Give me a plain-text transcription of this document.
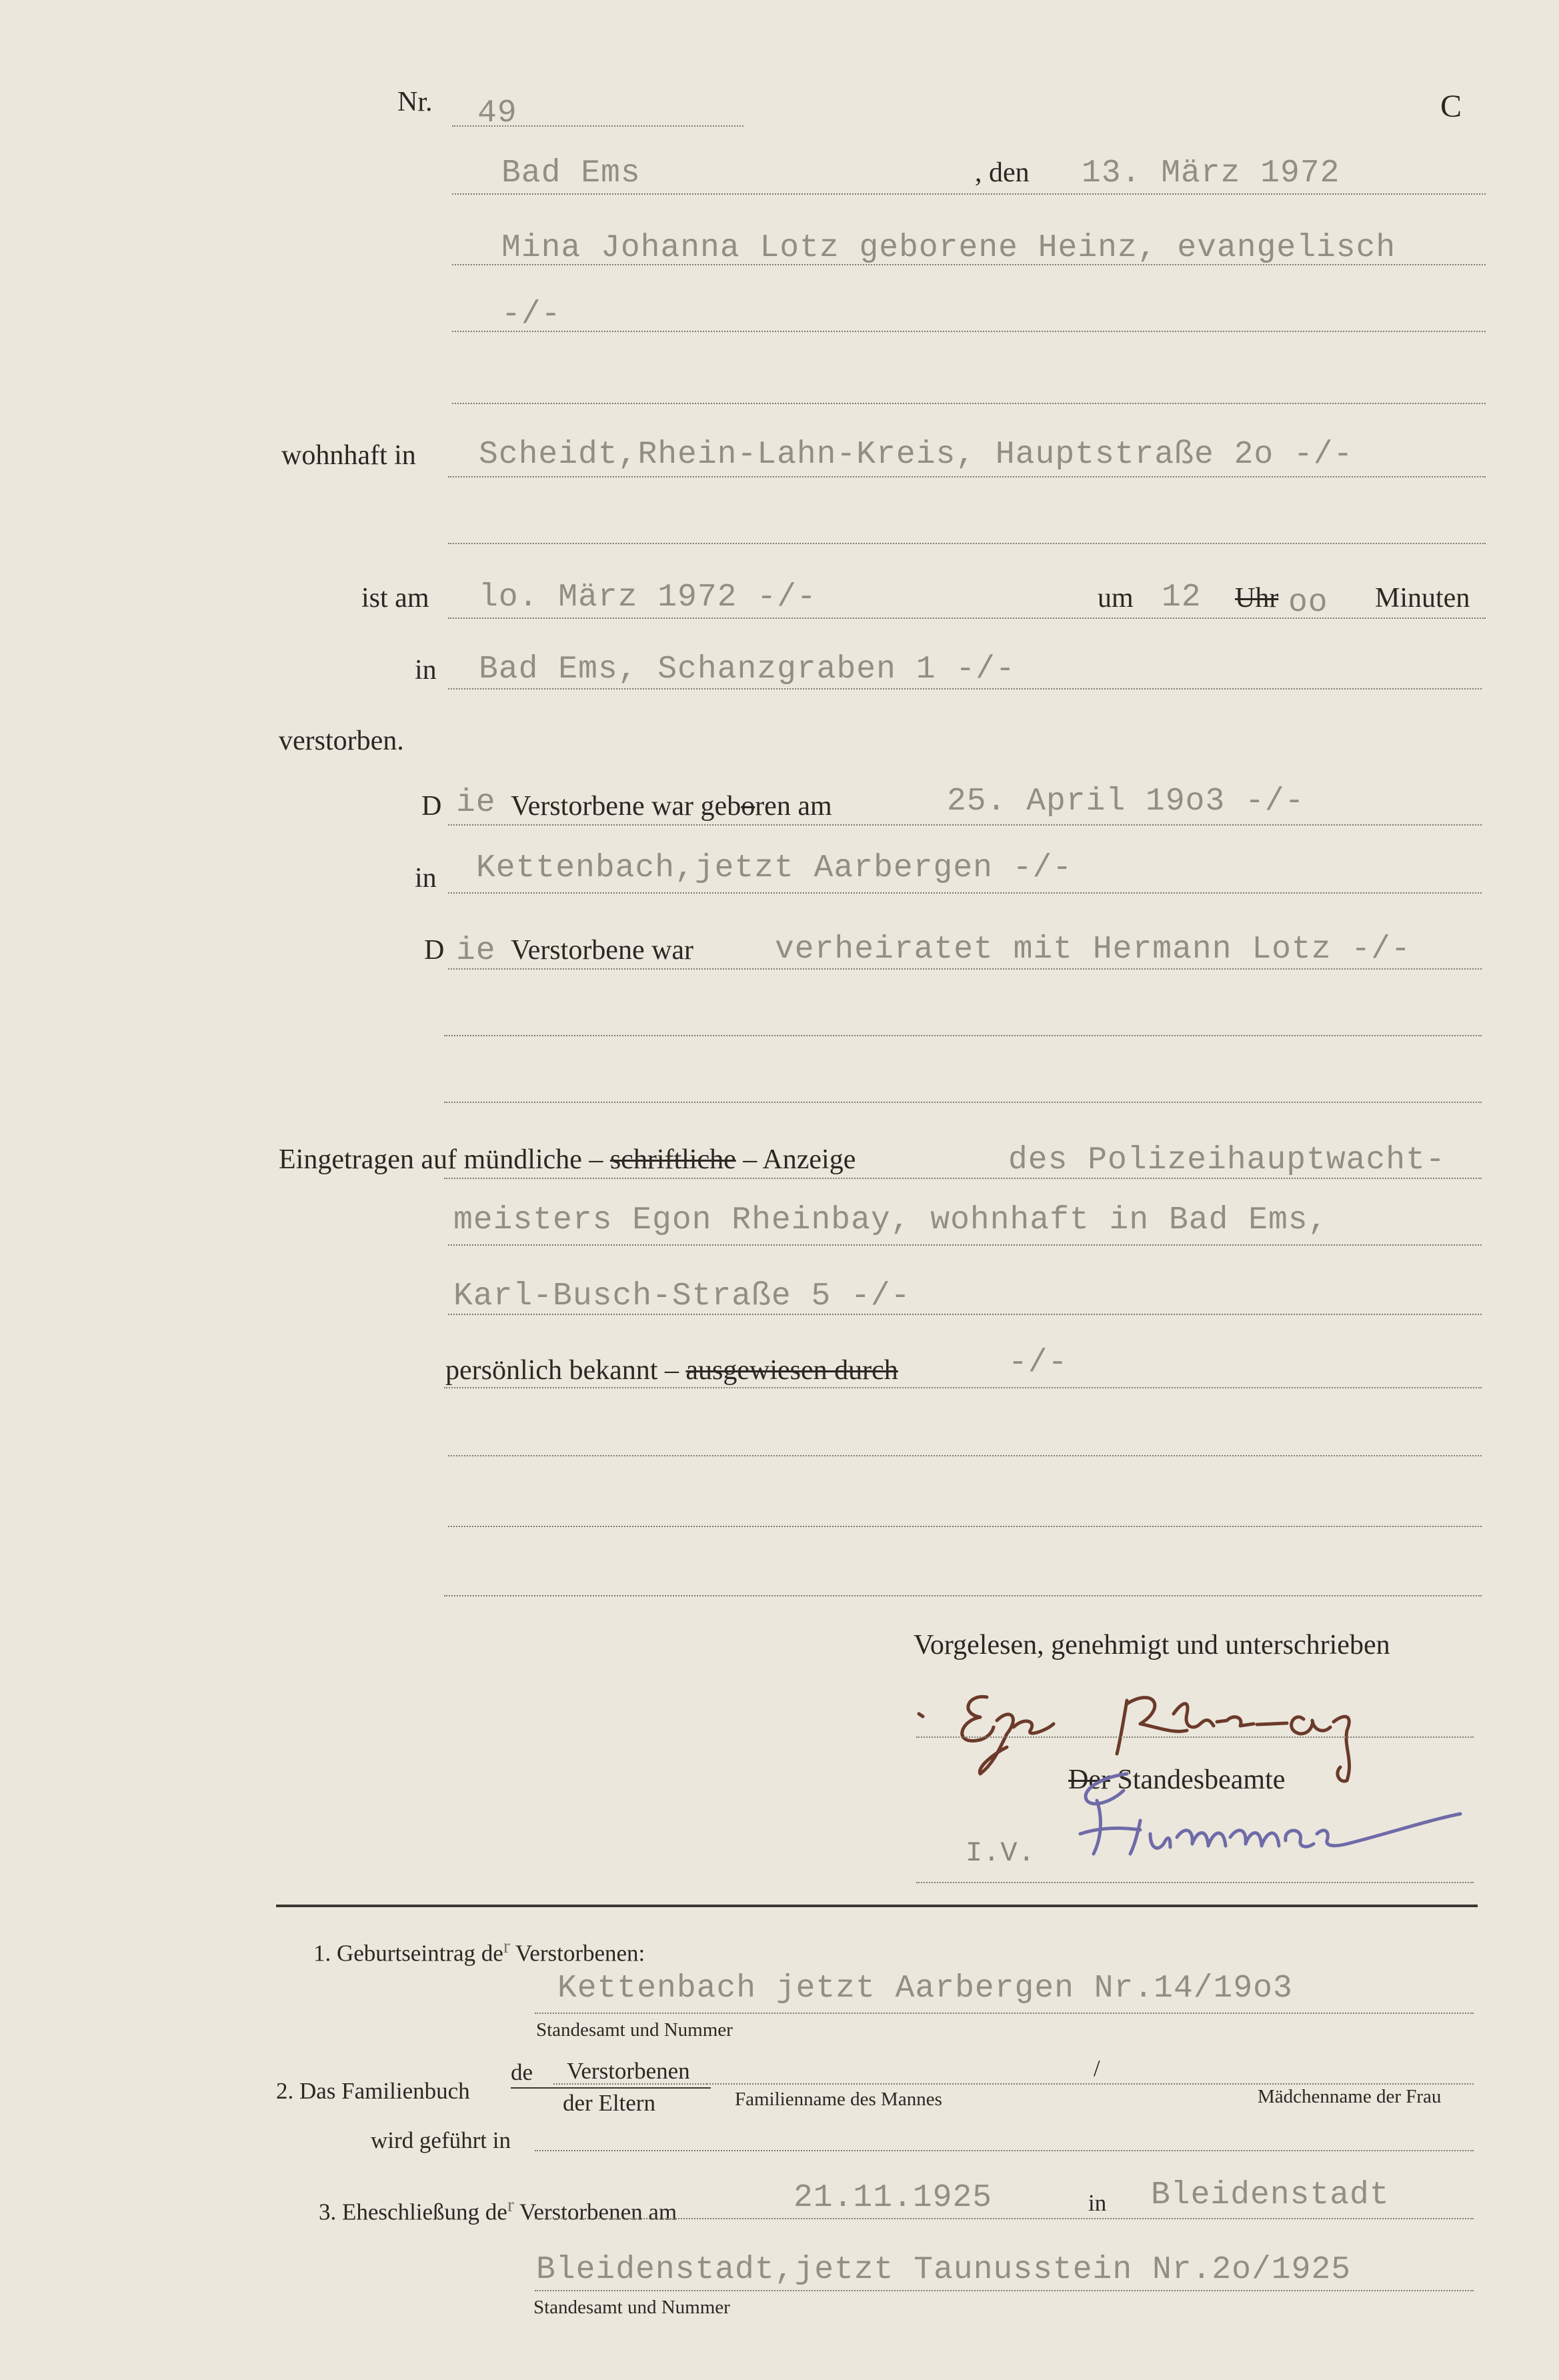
Nr. 49	C
Bad Ems	, den 13. März 1972
Mina Johanna Lotz geborene Heinz, evangelisch
-/-
wohnhaft in Scheidt,Rhein-Lahn-Kreis, Hauptstraße 2o -/-
ist am lo. März 1972 -/-	um 12 Uhr oo Minuten
in Bad Ems, Schanzgraben 1 -/-
verstorben.
D ie Verstorbene war geboren am	25. April 19o3 -/-
in Kettenbach,jetzt Aarbergen -/-
D ie Verstorbene war	verheiratet mit Hermann Lotz -/-
Eingetragen auf mündliche – schriftliche – Anzeige	des Polizeihauptwacht-
meisters Egon Rheinbay, wohnhaft in Bad Ems,
Karl-Busch-Straße 5 -/-
persönlich bekannt – ausgewiesen durch	-/-
Vorgelesen, genehmigt und unterschrieben
Der Standesbeamte
I.V.
1. Geburtseintrag der Verstorbenen:
Kettenbach jetzt Aarbergen Nr.14/19o3
Standesamt und Nummer
2. Das Familienbuch
de Verstorbenen
der Eltern
/
Familienname des Mannes	Mädchenname der Frau
wird geführt in
3. Eheschließung der Verstorbenen am	21.11.1925	in Bleidenstadt
Bleidenstadt,jetzt Taunusstein Nr.2o/1925
Standesamt und Nummer
